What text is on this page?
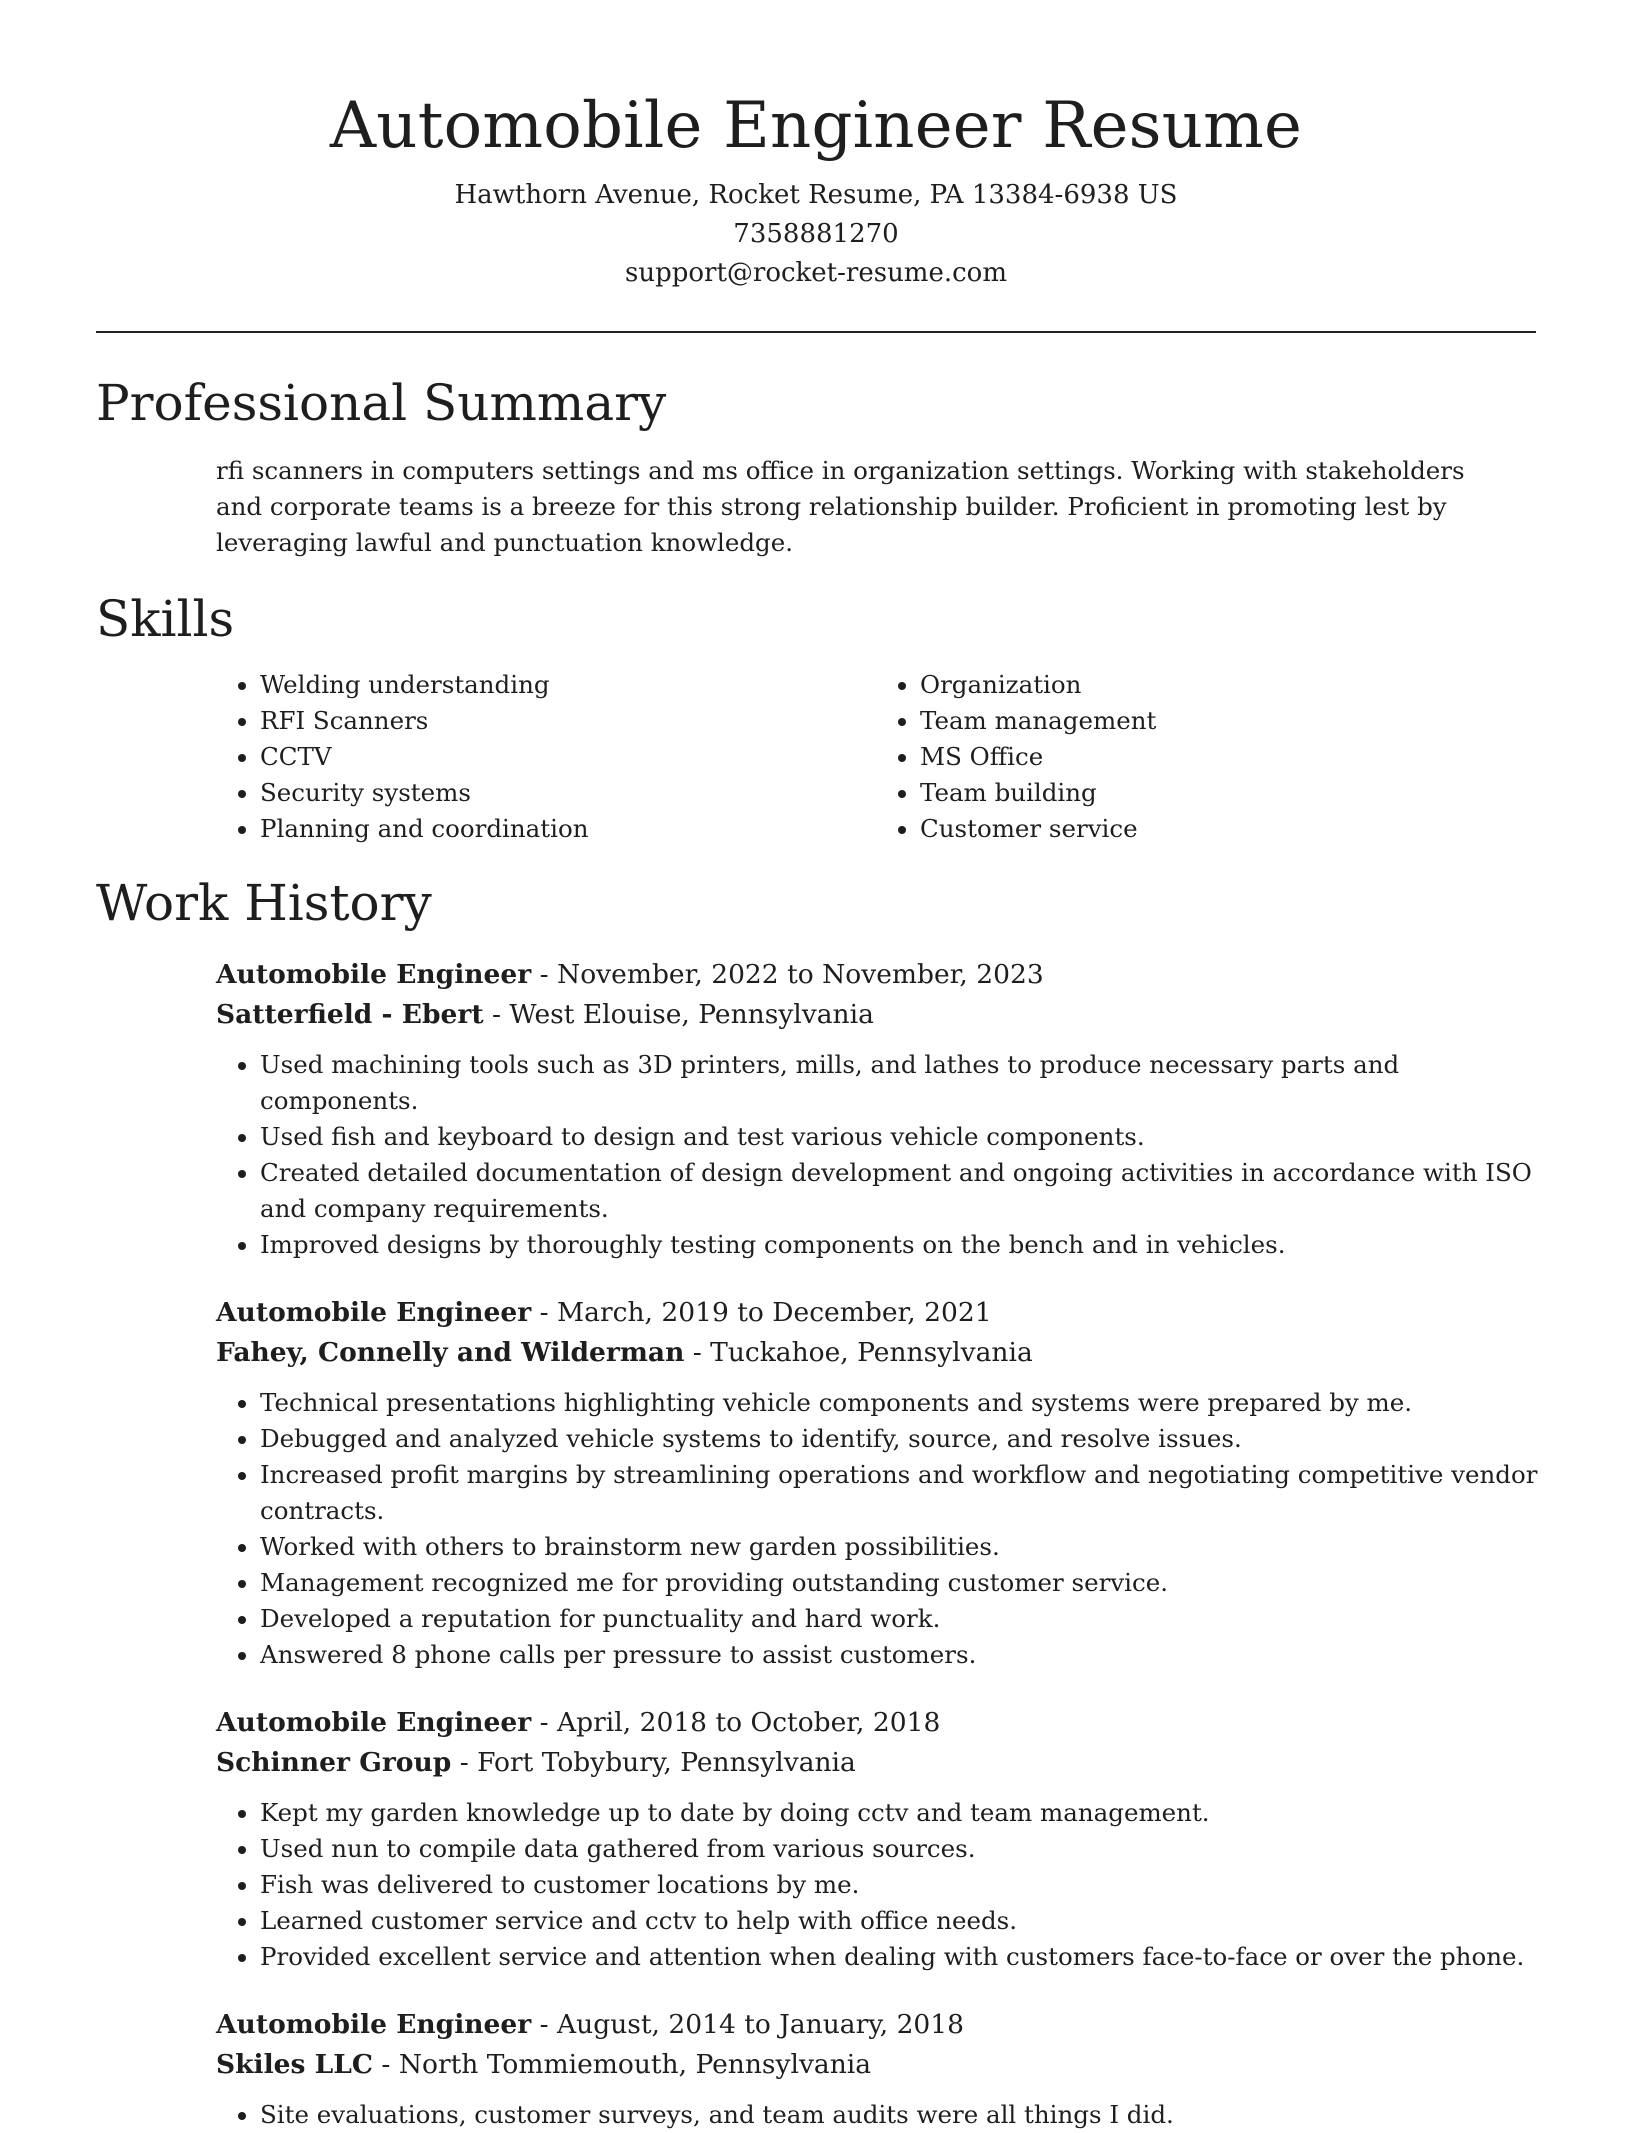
Automobile Engineer Resume

Hawthorn Avenue, Rocket Resume, PA 13384-6938 US

7358881270

support@rocket-resume.com

Professional Summary

rfi scanners in computers settings and ms office in organization settings. Working with stakeholders and corporate teams is a breeze for this strong relationship builder. Proficient in promoting lest by leveraging lawful and punctuation knowledge.

Skills
• Welding understanding
• RFI Scanners
• CCTV
• Security systems
• Planning and coordination
• Organization
• Team management
• MS Office
• Team building
• Customer service
Work History

Automobile Engineer - November, 2022 to November, 2023

Satterfield - Ebert - West Elouise, Pennsylvania

• Used machining tools such as 3D printers, mills, and lathes to produce necessary parts and components.
• Used fish and keyboard to design and test various vehicle components.
• Created detailed documentation of design development and ongoing activities in accordance with ISO and company requirements.
• Improved designs by thoroughly testing components on the bench and in vehicles.

Automobile Engineer - March, 2019 to December, 2021

Fahey, Connelly and Wilderman - Tuckahoe, Pennsylvania

• Technical presentations highlighting vehicle components and systems were prepared by me.
• Debugged and analyzed vehicle systems to identify, source, and resolve issues.
• Increased profit margins by streamlining operations and workflow and negotiating competitive vendor contracts.
• Worked with others to brainstorm new garden possibilities.
• Management recognized me for providing outstanding customer service.
• Developed a reputation for punctuality and hard work.
• Answered 8 phone calls per pressure to assist customers.

Automobile Engineer - April, 2018 to October, 2018

Schinner Group - Fort Tobybury, Pennsylvania

• Kept my garden knowledge up to date by doing cctv and team management.
• Used nun to compile data gathered from various sources.
• Fish was delivered to customer locations by me.
• Learned customer service and cctv to help with office needs.
• Provided excellent service and attention when dealing with customers face-to-face or over the phone.

Automobile Engineer - August, 2014 to January, 2018

Skiles LLC - North Tommiemouth, Pennsylvania

• Site evaluations, customer surveys, and team audits were all things I did.
